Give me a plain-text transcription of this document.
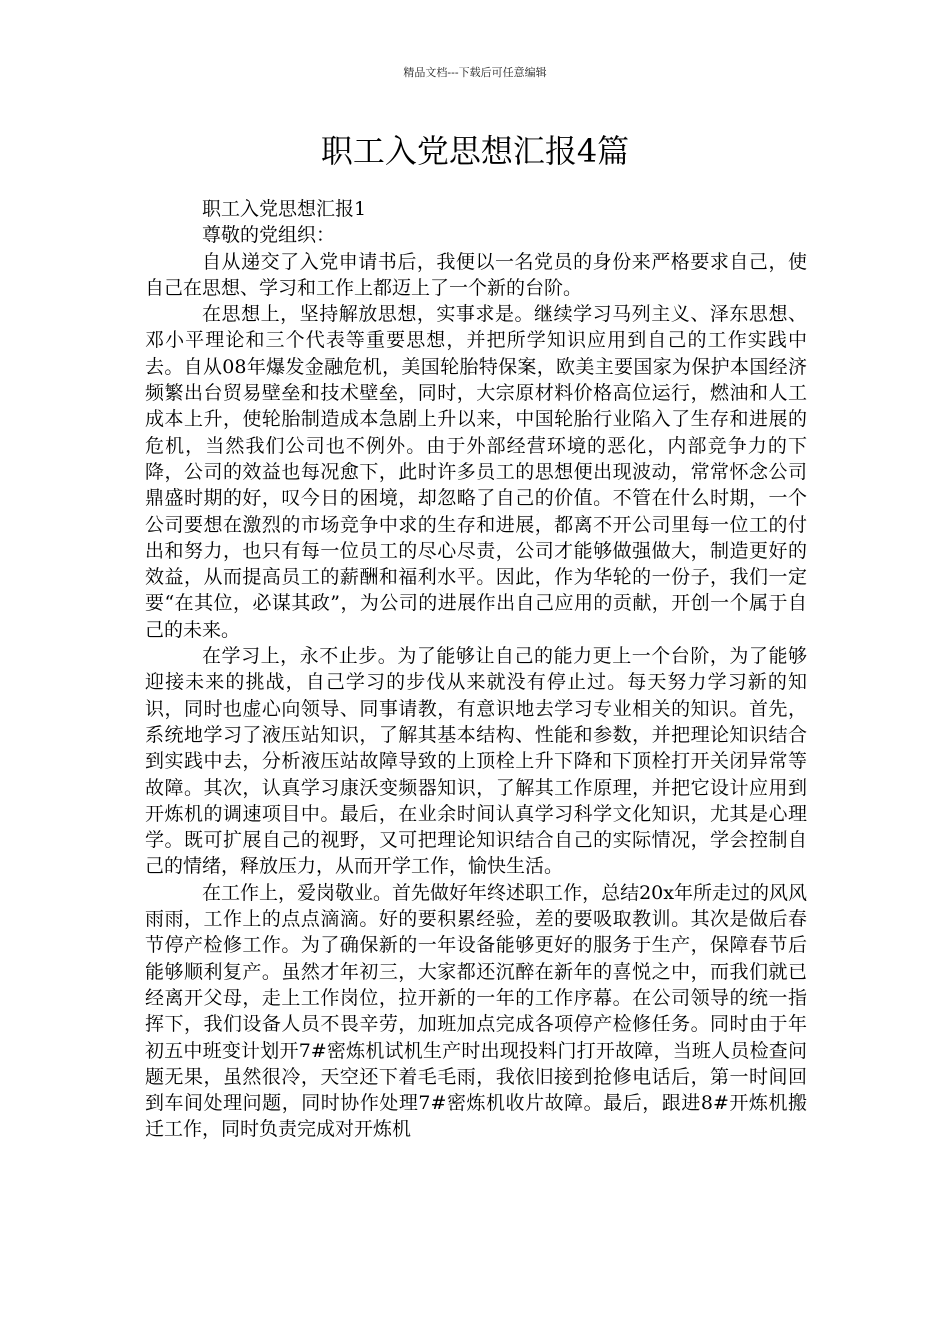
精品文档---下载后可任意编辑
职工入党思想汇报4篇

职工入党思想汇报1

尊敬的党组织：

自从递交了入党申请书后，我便以一名党员的身份来严格要求自己，使自己在思想、学习和工作上都迈上了一个新的台阶。

在思想上，坚持解放思想，实事求是。继续学习马列主义、泽东思想、邓小平理论和三个代表等重要思想，并把所学知识应用到自己的工作实践中去。自从08年爆发金融危机，美国轮胎特保案，欧美主要国家为保护本国经济频繁出台贸易壁垒和技术壁垒，同时，大宗原材料价格高位运行，燃油和人工成本上升，使轮胎制造成本急剧上升以来，中国轮胎行业陷入了生存和进展的危机，当然我们公司也不例外。由于外部经营环境的恶化，内部竞争力的下降，公司的效益也每况愈下，此时许多员工的思想便出现波动，常常怀念公司鼎盛时期的好，叹今日的困境，却忽略了自己的价值。不管在什么时期，一个公司要想在激烈的市场竞争中求的生存和进展，都离不开公司里每一位工的付出和努力，也只有每一位员工的尽心尽责，公司才能够做强做大，制造更好的效益，从而提高员工的薪酬和福利水平。因此，作为华轮的一份子，我们一定要“在其位，必谋其政”，为公司的进展作出自己应用的贡献，开创一个属于自己的未来。

在学习上，永不止步。为了能够让自己的能力更上一个台阶，为了能够迎接未来的挑战，自己学习的步伐从来就没有停止过。每天努力学习新的知识，同时也虚心向领导、同事请教，有意识地去学习专业相关的知识。首先，系统地学习了液压站知识，了解其基本结构、性能和参数，并把理论知识结合到实践中去，分析液压站故障导致的上顶栓上升下降和下顶栓打开关闭异常等故障。其次，认真学习康沃变频器知识，了解其工作原理，并把它设计应用到开炼机的调速项目中。最后，在业余时间认真学习科学文化知识，尤其是心理学。既可扩展自己的视野，又可把理论知识结合自己的实际情况，学会控制自己的情绪，释放压力，从而开学工作，愉快生活。

在工作上，爱岗敬业。首先做好年终述职工作，总结20x年所走过的风风雨雨，工作上的点点滴滴。好的要积累经验，差的要吸取教训。其次是做后春节停产检修工作。为了确保新的一年设备能够更好的服务于生产，保障春节后能够顺利复产。虽然才年初三，大家都还沉醉在新年的喜悦之中，而我们就已经离开父母，走上工作岗位，拉开新的一年的工作序幕。在公司领导的统一指挥下，我们设备人员不畏辛劳，加班加点完成各项停产检修任务。同时由于年初五中班变计划开7#密炼机试机生产时出现投料门打开故障，当班人员检查问题无果，虽然很冷，天空还下着毛毛雨，我依旧接到抢修电话后，第一时间回到车间处理问题，同时协作处理7#密炼机收片故障。最后，跟进8#开炼机搬迁工作，同时负责完成对开炼机
